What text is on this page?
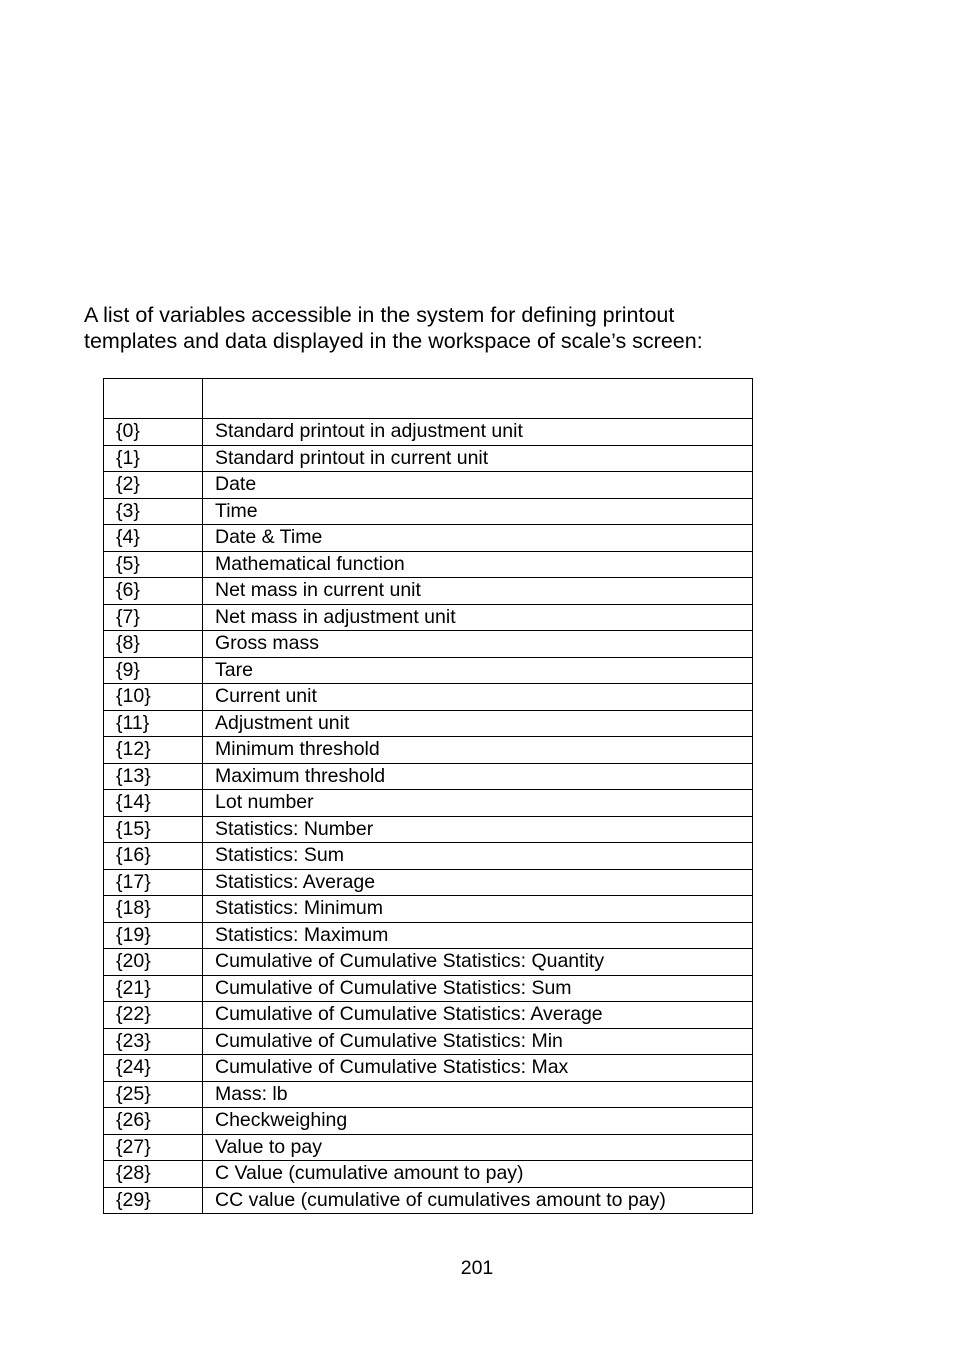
A list of variables accessible in the system for defining printout
templates and data displayed in the workspace of scale’s screen:

{0}	Standard printout in adjustment unit
{1}	Standard printout in current unit
{2}	Date
{3}	Time
{4}	Date & Time
{5}	Mathematical function
{6}	Net mass in current unit
{7}	Net mass in adjustment unit
{8}	Gross mass
{9}	Tare
{10}	Current unit
{11}	Adjustment unit
{12}	Minimum threshold
{13}	Maximum threshold
{14}	Lot number
{15}	Statistics: Number
{16}	Statistics: Sum
{17}	Statistics: Average
{18}	Statistics: Minimum
{19}	Statistics: Maximum
{20}	Cumulative of Cumulative Statistics: Quantity
{21}	Cumulative of Cumulative Statistics: Sum
{22}	Cumulative of Cumulative Statistics: Average
{23}	Cumulative of Cumulative Statistics: Min
{24}	Cumulative of Cumulative Statistics: Max
{25}	Mass: lb
{26}	Checkweighing
{27}	Value to pay
{28}	C Value (cumulative amount to pay)
{29}	CC value (cumulative of cumulatives amount to pay)
201
